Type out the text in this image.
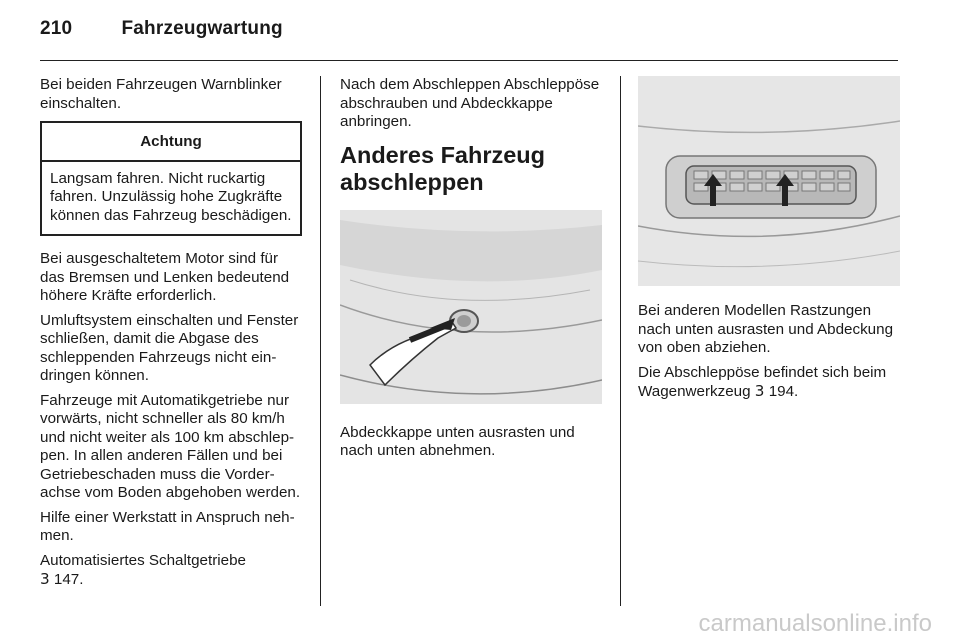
210	Fahrzeugwartung

Bei beiden Fahrzeugen Warnblinker einschalten.

Achtung
Langsam fahren. Nicht ruckartig fahren. Unzulässig hohe Zugkräfte können das Fahrzeug beschädigen.

Bei ausgeschaltetem Motor sind für das Bremsen und Lenken bedeutend höhere Kräfte erforderlich.

Umluftsystem einschalten und Fenster schließen, damit die Abgase des schleppenden Fahrzeugs nicht eindringen können.

Fahrzeuge mit Automatikgetriebe nur vorwärts, nicht schneller als 80 km/h und nicht weiter als 100 km abschleppen. In allen anderen Fällen und bei Getriebeschaden muss die Vorderachse vom Boden abgehoben werden.

Hilfe einer Werkstatt in Anspruch nehmen.

Automatisiertes Schaltgetriebe

3 147.

Nach dem Abschleppen Abschleppöse abschrauben und Abdeckkappe anbringen.

Anderes Fahrzeug abschleppen

Abdeckkappe unten ausrasten und nach unten abnehmen.

Bei anderen Modellen Rastzungen nach unten ausrasten und Abdeckung von oben abziehen.

Die Abschleppöse befindet sich beim Wagenwerkzeug 3 194.

carmanualsonline.info
